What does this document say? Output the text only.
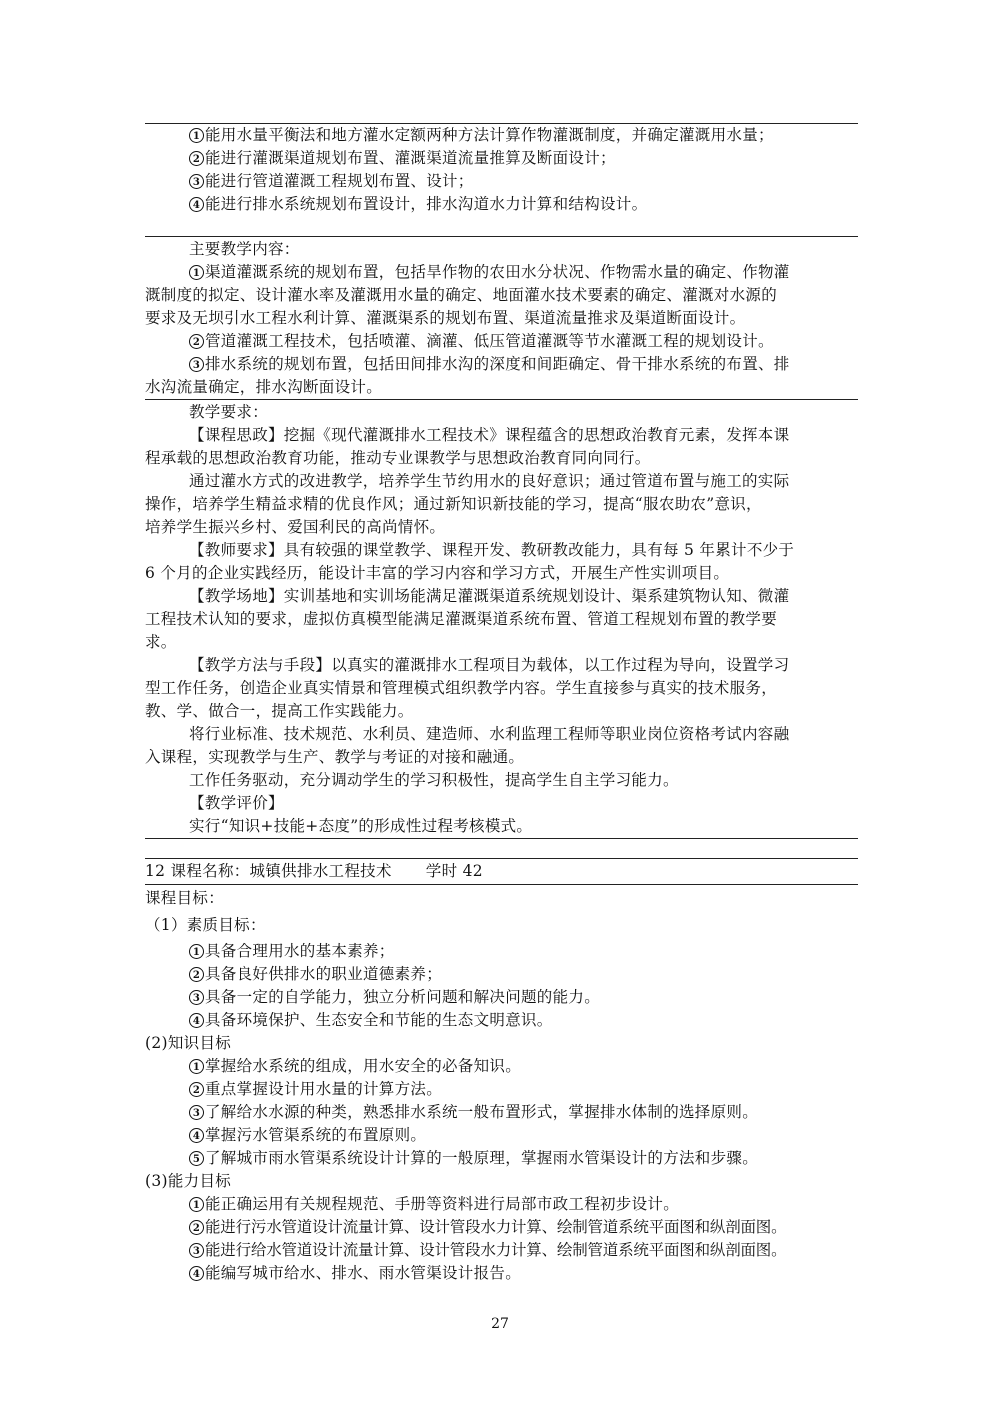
1 能用水量平衡法和地方灌水定额两种方法计算作物灌溉制度，并确定灌溉用水量；
2 能进行灌溉渠道规划布置、灌溉渠道流量推算及断面设计；
3 能进行管道灌溉工程规划布置、设计；
4 能进行排水系统规划布置设计，排水沟道水力计算和结构设计。
主要教学内容：
1 渠道灌溉系统的规划布置，包括旱作物的农田水分状况、作物需水量的确定、作物灌
溉制度的拟定、设计灌水率及灌溉用水量的确定、地面灌水技术要素的确定、灌溉对水源的
要求及无坝引水工程水利计算、灌溉渠系的规划布置、渠道流量推求及渠道断面设计。
2 管道灌溉工程技术，包括喷灌、滴灌、低压管道灌溉等节水灌溉工程的规划设计。
3 排水系统的规划布置，包括田间排水沟的深度和间距确定、骨干排水系统的布置、排
水沟流量确定，排水沟断面设计。
教学要求：
【课程思政】挖掘《现代灌溉排水工程技术》课程蕴含的思想政治教育元素，发挥本课
程承载的思想政治教育功能，推动专业课教学与思想政治教育同向同行。
通过灌水方式的改进教学，培养学生节约用水的良好意识；通过管道布置与施工的实际
操作，培养学生精益求精的优良作风；通过新知识新技能的学习，提高“服农助农”意识，
培养学生振兴乡村、爱国利民的高尚情怀。
【教师要求】具有较强的课堂教学、课程开发、教研教改能力，具有每 5 年累计不少于
6 个月的企业实践经历，能设计丰富的学习内容和学习方式，开展生产性实训项目。
【教学场地】实训基地和实训场能满足灌溉渠道系统规划设计、渠系建筑物认知、微灌
工程技术认知的要求，虚拟仿真模型能满足灌溉渠道系统布置、管道工程规划布置的教学要
求。
【教学方法与手段】以真实的灌溉排水工程项目为载体，以工作过程为导向，设置学习
型工作任务，创造企业真实情景和管理模式组织教学内容。学生直接参与真实的技术服务，
教、学、做合一，提高工作实践能力。
将行业标准、技术规范、水利员、建造师、水利监理工程师等职业岗位资格考试内容融
入课程，实现教学与生产、教学与考证的对接和融通。
工作任务驱动，充分调动学生的学习积极性，提高学生自主学习能力。
【教学评价】
实行“知识+技能+态度”的形成性过程考核模式。
12 课程名称：城镇供排水工程技术 学时 42
课程目标：
（1）素质目标：
1 具备合理用水的基本素养；
2 具备良好供排水的职业道德素养；
3 具备一定的自学能力，独立分析问题和解决问题的能力。
4 具备环境保护、生态安全和节能的生态文明意识。
(2)知识目标
1 掌握给水系统的组成，用水安全的必备知识。
2 重点掌握设计用水量的计算方法。
3 了解给水水源的种类，熟悉排水系统一般布置形式，掌握排水体制的选择原则。
4 掌握污水管渠系统的布置原则。
5 了解城市雨水管渠系统设计计算的一般原理，掌握雨水管渠设计的方法和步骤。
(3)能力目标
1 能正确运用有关规程规范、手册等资料进行局部市政工程初步设计。
2 能进行污水管道设计流量计算、设计管段水力计算、绘制管道系统平面图和纵剖面图。
3 能进行给水管道设计流量计算、设计管段水力计算、绘制管道系统平面图和纵剖面图。
4 能编写城市给水、排水、雨水管渠设计报告。
27
